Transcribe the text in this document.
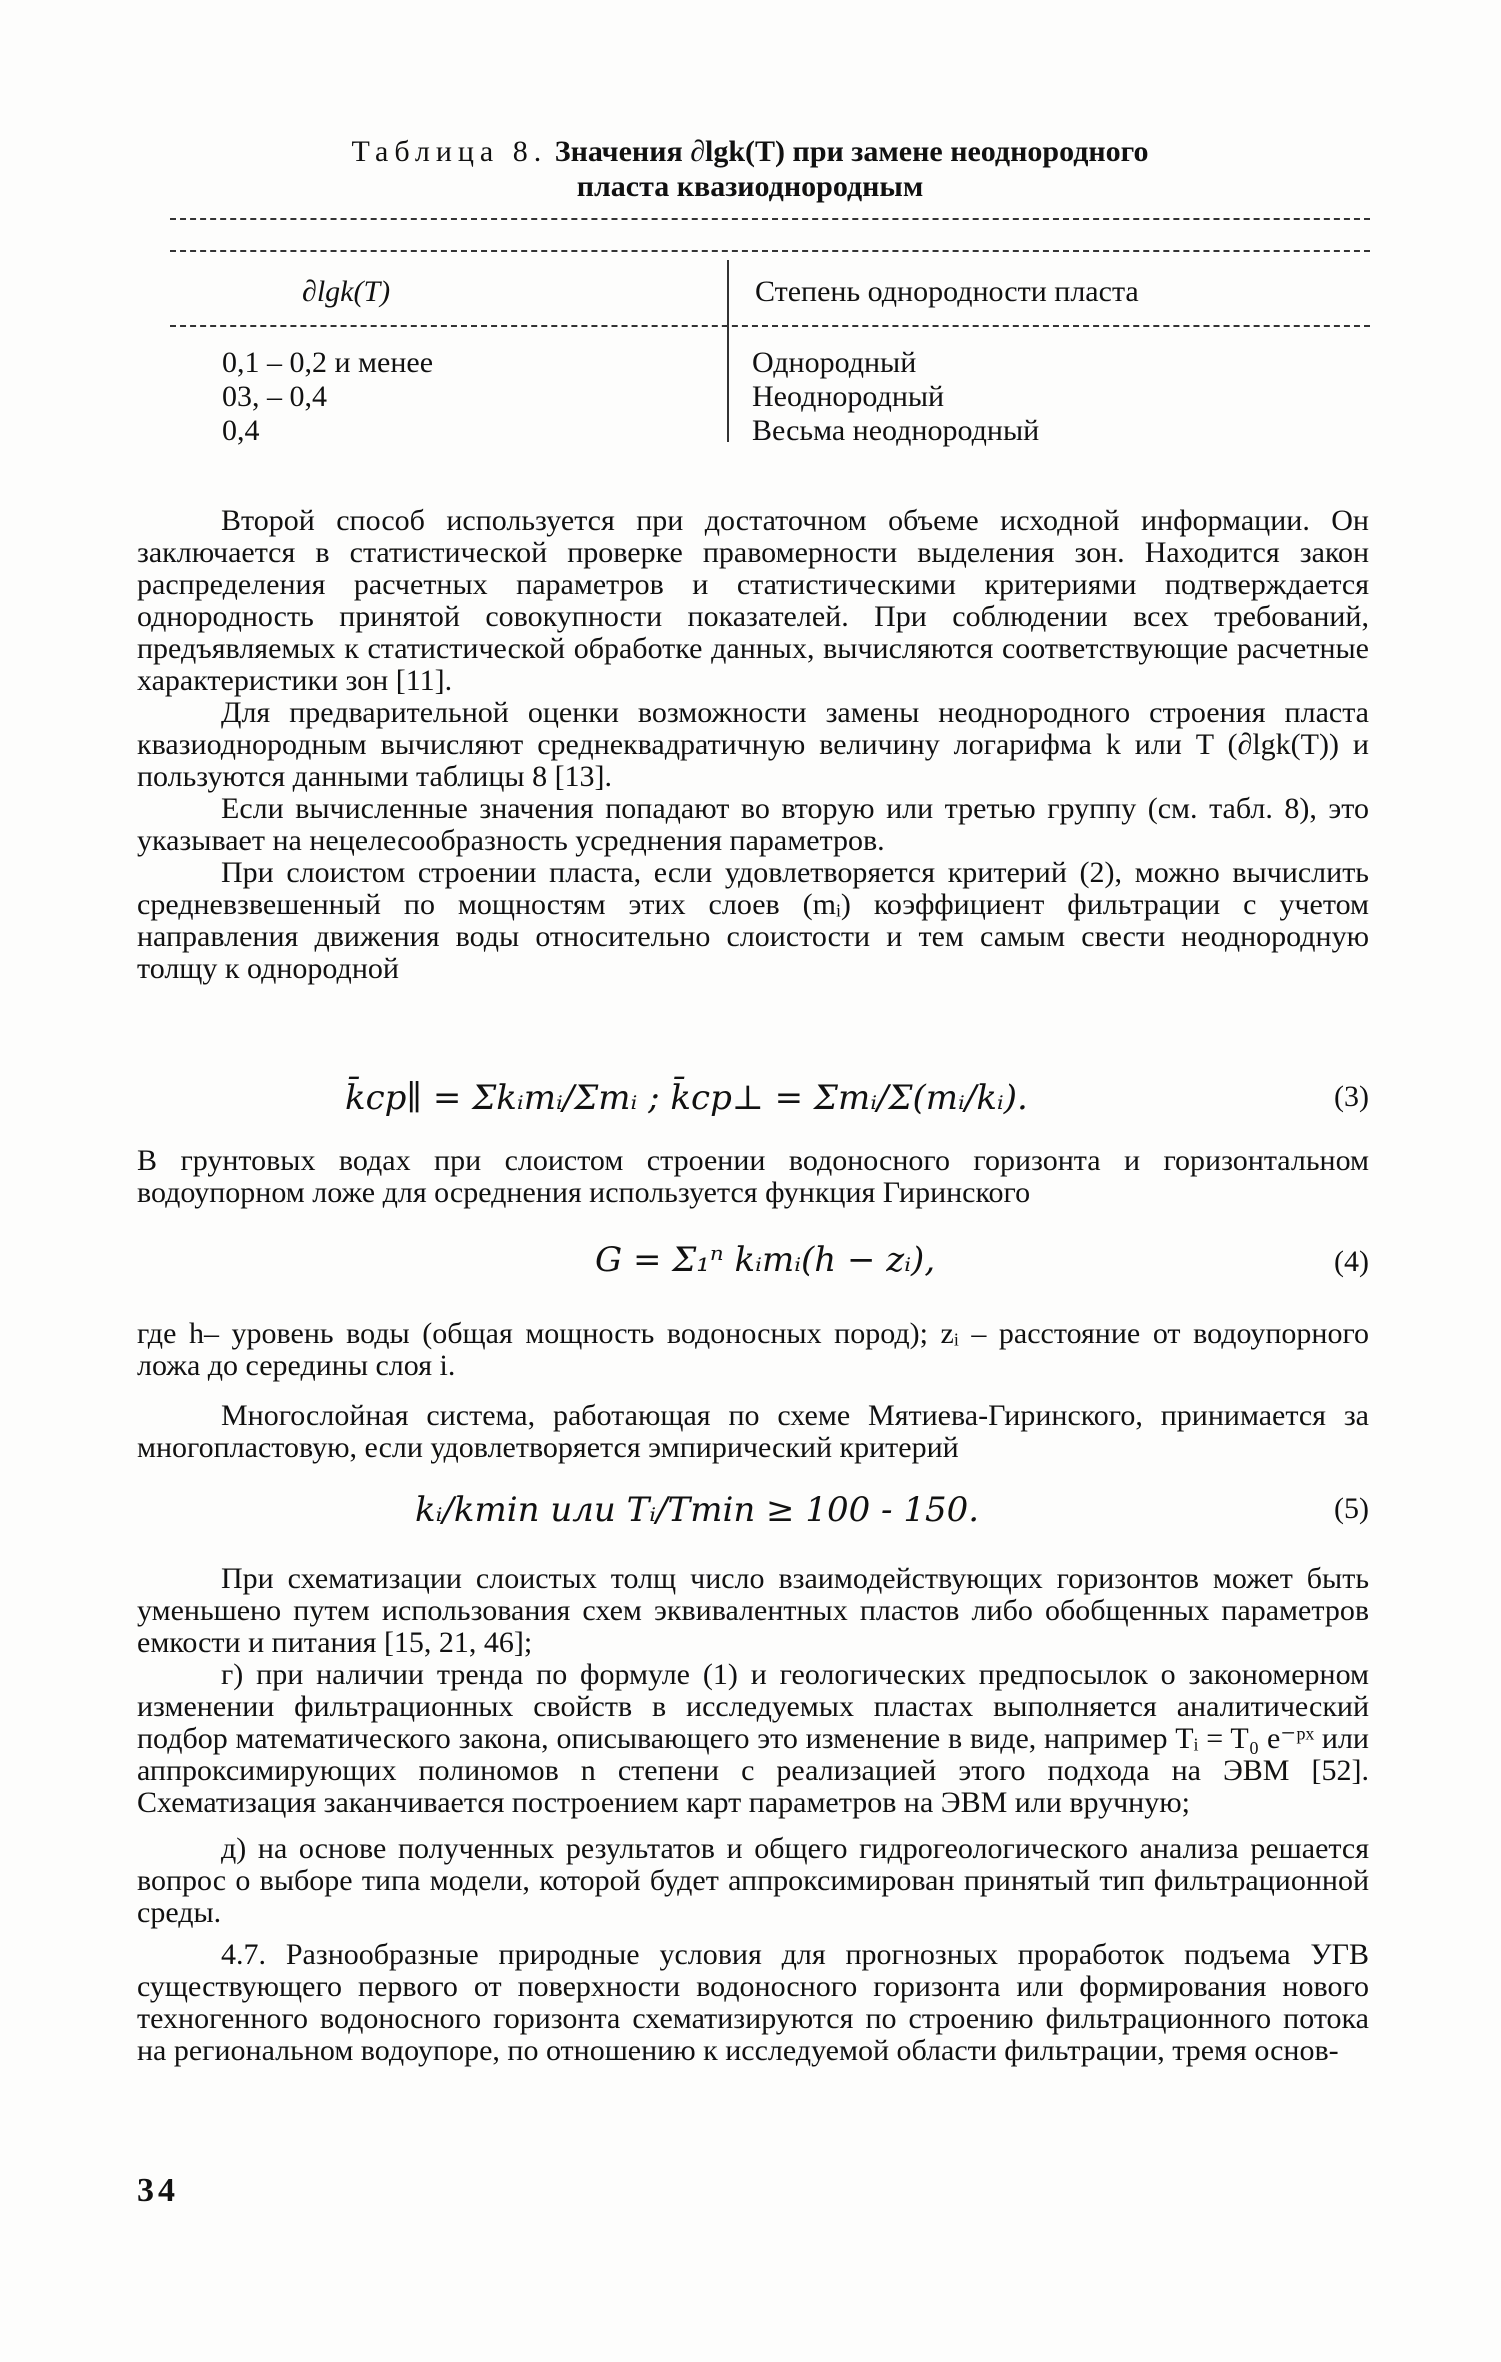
Таблица 8. Значения ∂lgk(T) при замене неоднородного
пласта квазиоднородным
∂lgk(T)	Степень однородности пласта
0,1 – 0,2 и менее	Однородный
03, – 0,4	Неоднородный
0,4	Весьма неоднородный

Второй способ используется при достаточном объеме исходной информации. Он заключается в статистической проверке правомерности выделения зон. Находится закон распределения расчетных параметров и статистическими критериями подтверждается однородность принятой совокупности показателей. При соблюдении всех требований, предъявляемых к статистической обработке данных, вычисляются соответствующие расчетные характеристики зон [11].

Для предварительной оценки возможности замены неоднородного строения пласта квазиоднородным вычисляют среднеквадратичную величину логарифма k или T (∂lgk(T)) и пользуются данными таблицы 8 [13].

Если вычисленные значения попадают во вторую или третью группу (см. табл. 8), это указывает на нецелесообразность усреднения параметров.

При слоистом строении пласта, если удовлетворяется критерий (2), можно вычислить средневзвешенный по мощностям этих слоев (mᵢ) коэффициент фильтрации с учетом направления движения воды относительно слоистости и тем самым свести неоднородную толщу к однородной

k̄ср∥ = Σkᵢmᵢ/Σmᵢ ; k̄ср⊥ = Σmᵢ/Σ(mᵢ/kᵢ).	(3)

В грунтовых водах при слоистом строении водоносного горизонта и горизонтальном водоупорном ложе для осреднения используется функция Гиринского

G = Σ₁ⁿ kᵢmᵢ(h − zᵢ),	(4)

где h– уровень воды (общая мощность водоносных пород); zᵢ – расстояние от водоупорного ложа до середины слоя i.

Многослойная система, работающая по схеме Мятиева-Гиринского, принимается за многопластовую, если удовлетворяется эмпирический критерий

kᵢ/kmin или Tᵢ/Tmin ≥ 100 - 150.	(5)

При схематизации слоистых толщ число взаимодействующих горизонтов может быть уменьшено путем использования схем эквивалентных пластов либо обобщенных параметров емкости и питания [15, 21, 46];

г) при наличии тренда по формуле (1) и геологических предпосылок о закономерном изменении фильтрационных свойств в исследуемых пластах выполняется аналитический подбор математического закона, описывающего это изменение в виде, например Tᵢ = T₀ e⁻ᵖˣ или аппроксимирующих полиномов n степени с реализацией этого подхода на ЭВМ [52]. Схематизация заканчивается построением карт параметров на ЭВМ или вручную;

д) на основе полученных результатов и общего гидрогеологического анализа решается вопрос о выборе типа модели, которой будет аппроксимирован принятый тип фильтрационной среды.

4.7. Разнообразные природные условия для прогнозных проработок подъема УГВ существующего первого от поверхности водоносного горизонта или формирования нового техногенного водоносного горизонта схематизируются по строению фильтрационного потока на региональном водоупоре, по отношению к исследуемой области фильтрации, тремя основ-

34
